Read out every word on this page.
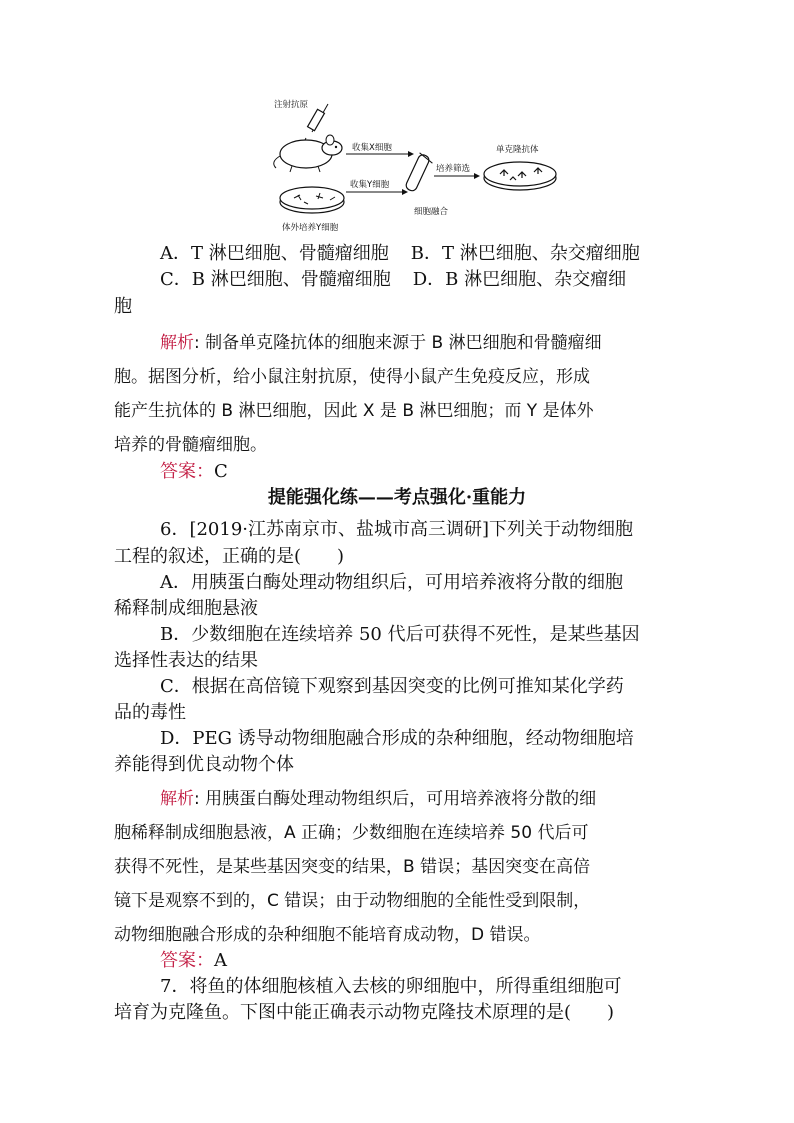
注射抗原
收集X细胞
体外培养Y细胞
收集Y细胞
细胞融合
培养筛选
单克隆抗体
A．T 淋巴细胞、骨髓瘤细胞 B．T 淋巴细胞、杂交瘤细胞
C．B 淋巴细胞、骨髓瘤细胞 D．B 淋巴细胞、杂交瘤细
胞
解析: 制备单克隆抗体的细胞来源于 B 淋巴细胞和骨髓瘤细
胞。据图分析，给小鼠注射抗原，使得小鼠产生免疫反应，形成
能产生抗体的 B 淋巴细胞，因此 X 是 B 淋巴细胞；而 Y 是体外
培养的骨髓瘤细胞。
答案：C
提能强化练——考点强化·重能力
6．[2019·江苏南京市、盐城市高三调研]下列关于动物细胞
工程的叙述，正确的是(　　)
A．用胰蛋白酶处理动物组织后，可用培养液将分散的细胞
稀释制成细胞悬液
B．少数细胞在连续培养 50 代后可获得不死性，是某些基因
选择性表达的结果
C．根据在高倍镜下观察到基因突变的比例可推知某化学药
品的毒性
D．PEG 诱导动物细胞融合形成的杂种细胞，经动物细胞培
养能得到优良动物个体
解析: 用胰蛋白酶处理动物组织后，可用培养液将分散的细
胞稀释制成细胞悬液，A 正确；少数细胞在连续培养 50 代后可
获得不死性，是某些基因突变的结果，B 错误；基因突变在高倍
镜下是观察不到的，C 错误；由于动物细胞的全能性受到限制，
动物细胞融合形成的杂种细胞不能培育成动物，D 错误。
答案：A
7．将鱼的体细胞核植入去核的卵细胞中，所得重组细胞可
培育为克隆鱼。下图中能正确表示动物克隆技术原理的是(　　)
